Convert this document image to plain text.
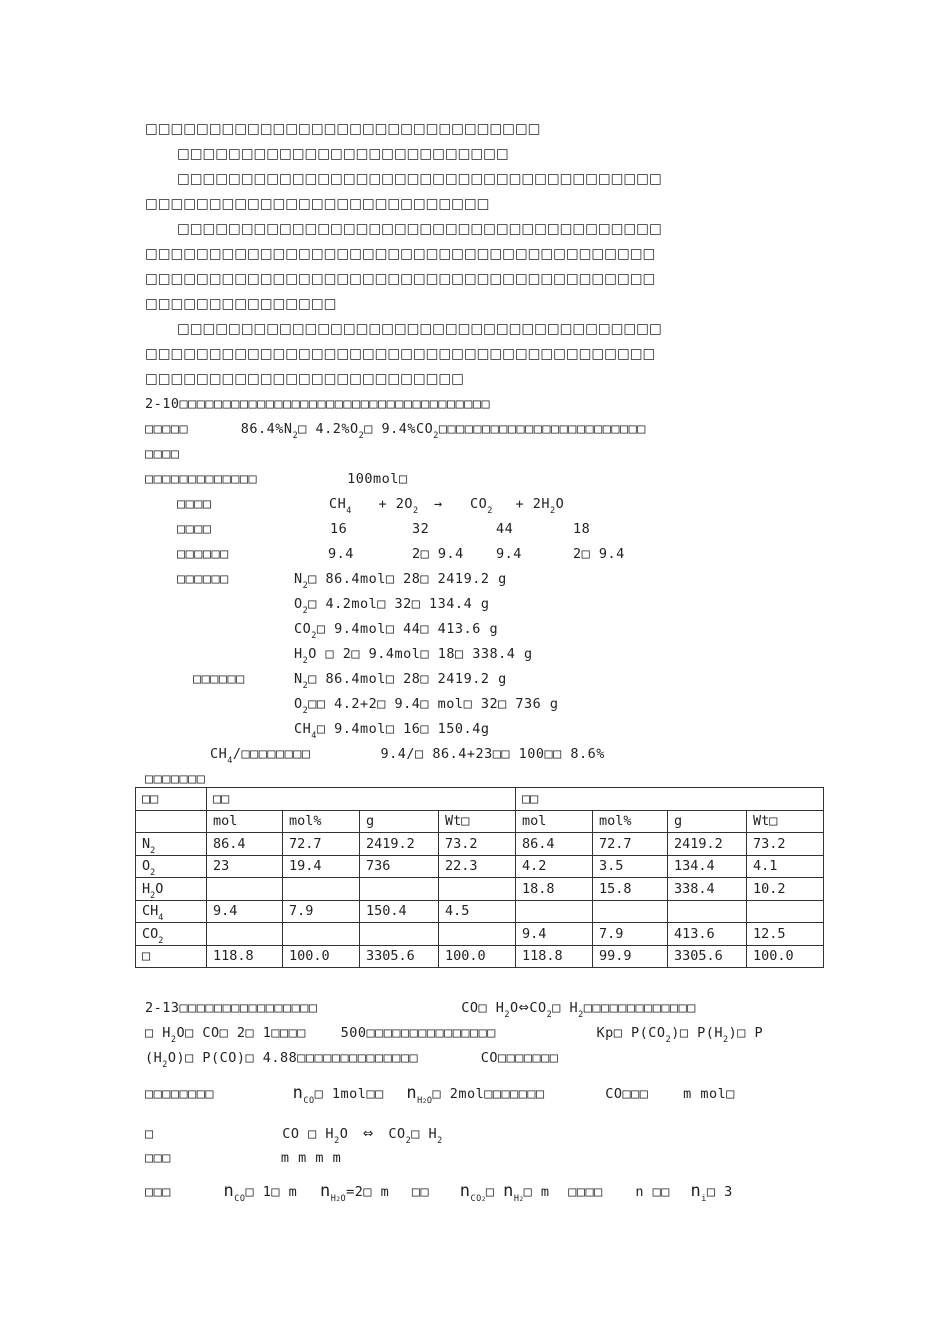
□□□□□□□□□□□□□□□□□□□□□□□□□□□□□□□
□□□□□□□□□□□□□□□□□□□□□□□□□□
□□□□□□□□□□□□□□□□□□□□□□□□□□□□□□□□□□□□□□
□□□□□□□□□□□□□□□□□□□□□□□□□□□
□□□□□□□□□□□□□□□□□□□□□□□□□□□□□□□□□□□□□□
□□□□□□□□□□□□□□□□□□□□□□□□□□□□□□□□□□□□□□□□
□□□□□□□□□□□□□□□□□□□□□□□□□□□□□□□□□□□□□□□□
□□□□□□□□□□□□□□□
□□□□□□□□□□□□□□□□□□□□□□□□□□□□□□□□□□□□□□
□□□□□□□□□□□□□□□□□□□□□□□□□□□□□□□□□□□□□□□□
□□□□□□□□□□□□□□□□□□□□□□□□□
2-10□□□□□□□□□□□□□□□□□□□□□□□□□□□□□□□□□□□□
□□□□□	$86.4\%N_2□$ $4.2\%O_2□$ $9.4\%CO_2□□□□□□□□□□□□□□□□□□□□□□□□$
□□□□
□□□□□□□□□□□□□	100mol□
□□□□	$CH_4 + 2O_2 \to CO_2 + 2H_2O$
□□□□	16	32	44	18
□□□□□□	9.4	2□ 9.4 9.4	2□ 9.4
□□□□□□	$N_2□$ 86.4mol□ 28□ 2419.2 g
$O_2□$ 4.2mol□ 32□ 134.4 g
$CO_2□$ 9.4mol□ 44□ 413.6 g
$H_2O$ □ 2□ 9.4mol□ 18□ 338.4 g
□□□□□□	$N_2□$ 86.4mol□ 28□ 2419.2 g
$O_2□□$ 4.2+2□ 9.4□ mol□ 32□ 736 g
$CH_4□$ 9.4mol□ 16□ 150.4g
$CH_4/□□□□□□□□$	9.4/□ 86.4+23□□ 100□□ 8.6%
□□□□□□□
□□	□□				□□			
	mol	mol%	g	Wt□	mol	mol%	g	Wt□
$N_2$	86.4	72.7	2419.2	73.2	86.4	72.7	2419.2	73.2
$O_2$	23	19.4	736	22.3	4.2	3.5	134.4	4.1
$H_2O$					18.8	15.8	338.4	10.2
$CH_4$	9.4	7.9	150.4	4.5				
$CO_2$					9.4	7.9	413.6	12.5
□	118.8	100.0	3305.6	100.0	118.8	99.9	3305.6	100.0
2-13□□□□□□□□□□□□□□□□	CO□ $H_2O\Leftrightarrow CO_2□$ $H_2□□□□□□□□□□□□□$
□ $H_2O□$ CO□ 2□ 1□□□□	500□□□□□□□□□□□□□□□	Kp□ $P(CO_2)□$ $P(H_2)□$ P
$(H_2O)□$ P(CO)□ 4.88□□□□□□□□□□□□□□	CO□□□□□□□
□□□□□□□□	$n_{CO}□$ 1mol□□ $n_{H2O}□$ 2mol□□□□□□□	CO□□□	m mol□
□	CO □ $H_2O$ ⇔ $CO_2□$ $H_2$
□□□	m m m m
□□□	$n_{CO}□$ 1□ m $n_{H2O}=2□$ m □□ $n_{CO2}□$ $n_{H2}□$ m □□□□ n □□ $n_i□$ 3
